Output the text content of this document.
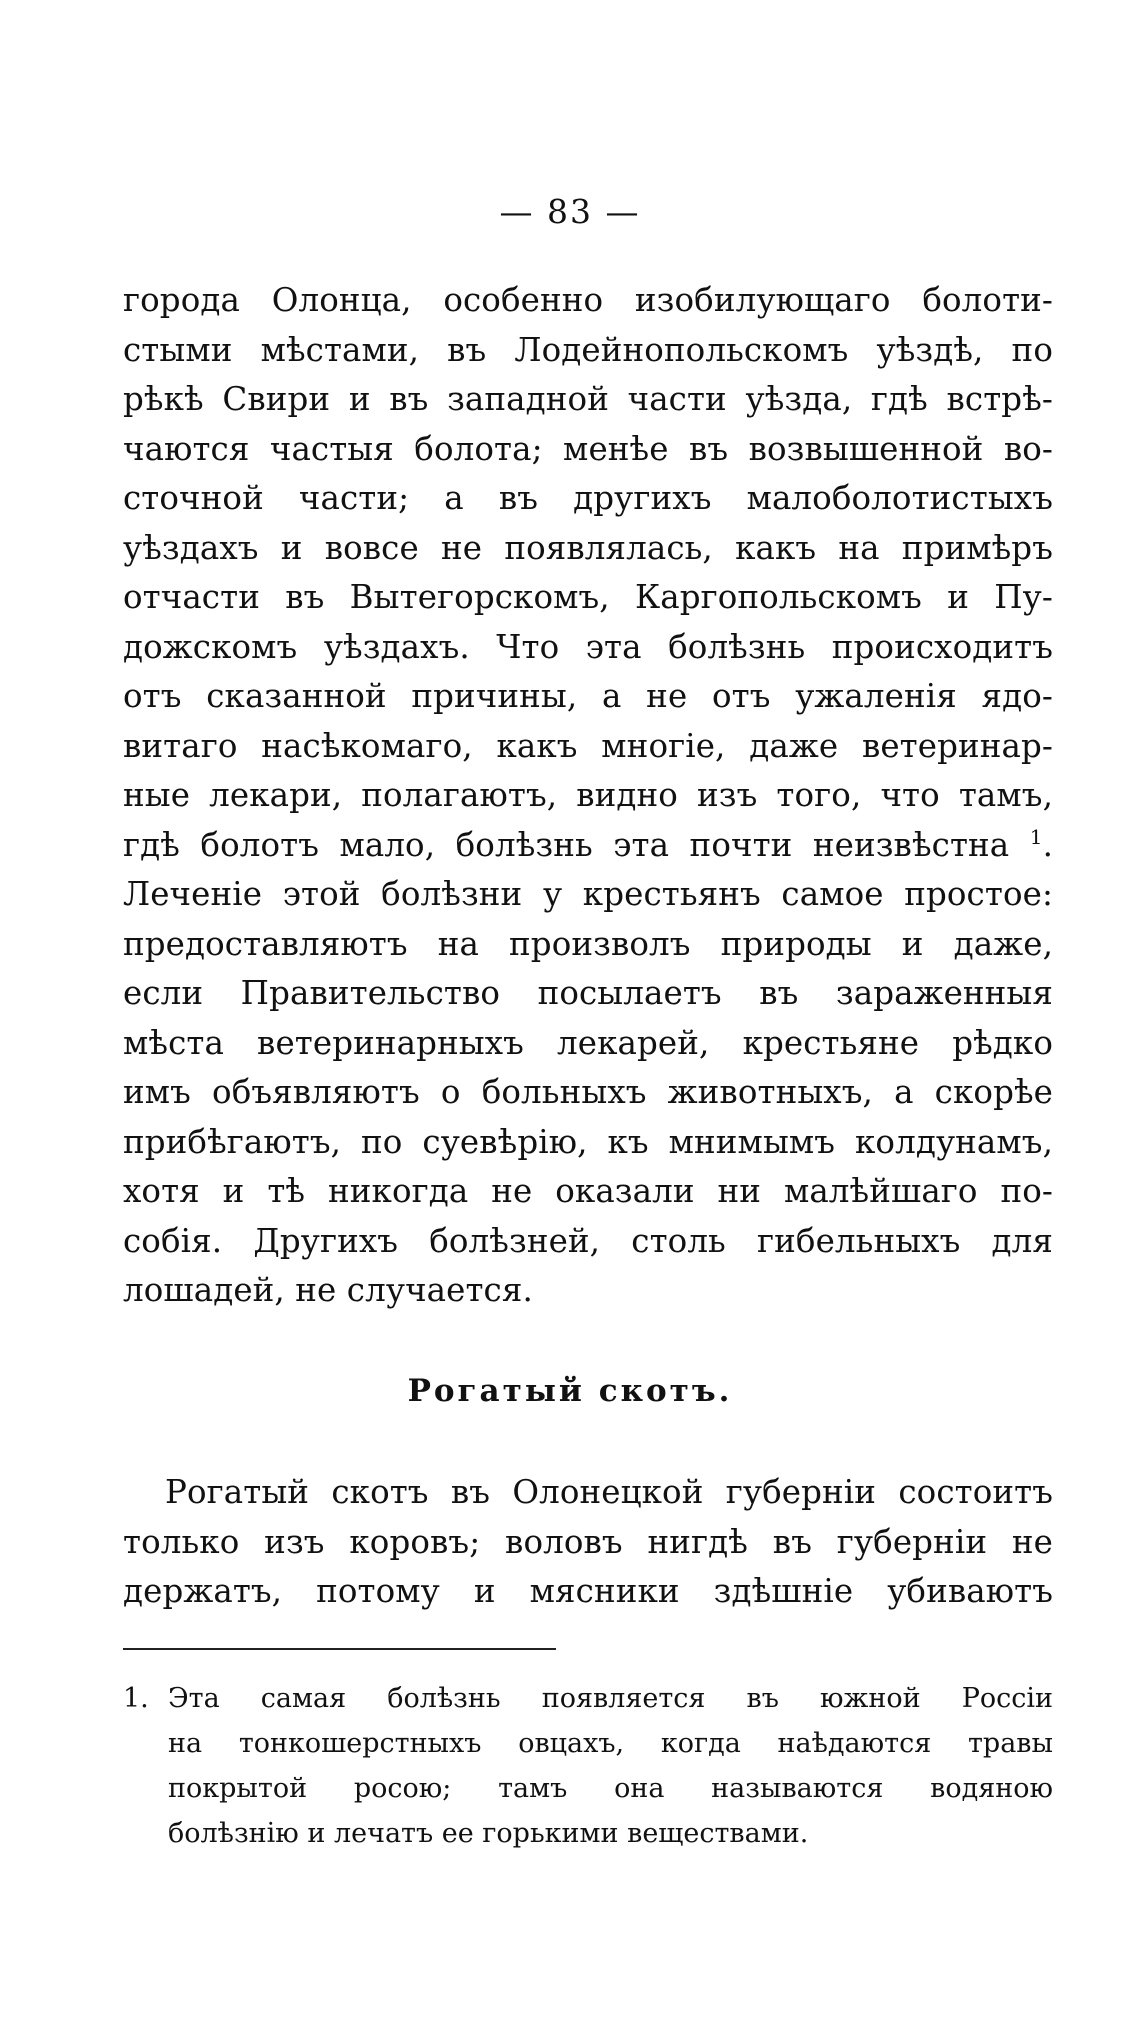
— 83 —
города Олонца, особенно изобилующаго болоти-
стыми мѣстами, въ Лодейнопольскомъ уѣздѣ, по
рѣкѣ Свири и въ западной части уѣзда, гдѣ встрѣ-
чаются частыя болота; менѣе въ возвышенной во-
сточной части; а въ другихъ малоболотистыхъ
уѣздахъ и вовсе не появлялась, какъ на примѣръ
отчасти въ Вытегорскомъ, Каргопольскомъ и Пу-
дожскомъ уѣздахъ. Что эта болѣзнь происходитъ
отъ сказанной причины, а не отъ ужаленія ядо-
витаго насѣкомаго, какъ многіе, даже ветеринар-
ные лекари, полагаютъ, видно изъ того, что тамъ,
гдѣ болотъ мало, болѣзнь эта почти неизвѣстна $^1$.
Леченіе этой болѣзни у крестьянъ самое простое:
предоставляютъ на произволъ природы и даже,
если Правительство посылаетъ въ зараженныя
мѣста ветеринарныхъ лекарей, крестьяне рѣдко
имъ объявляютъ о больныхъ животныхъ, а скорѣе
прибѣгаютъ, по суевѣрію, къ мнимымъ колдунамъ,
хотя и тѣ никогда не оказали ни малѣйшаго по-
собія. Другихъ болѣзней, столь гибельныхъ для
лошадей, не случается.
Рогатый скотъ.
Рогатый скотъ въ Олонецкой губерніи состоитъ
только изъ коровъ; воловъ нигдѣ въ губерніи не
держатъ, потому и мясники здѣшніе убиваютъ
1. Эта самая болѣзнь появляется въ южной Россіи
на тонкошерстныхъ овцахъ, когда наѣдаются травы
покрытой росою; тамъ она называются водяною
болѣзнію и лечатъ ее горькими веществами.
